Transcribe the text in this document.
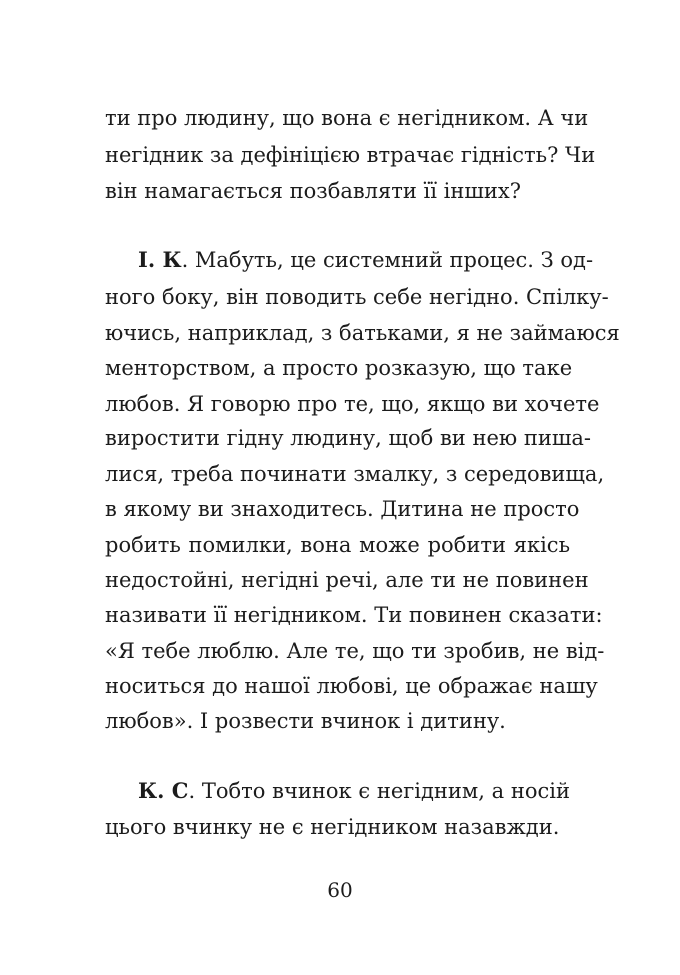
ти про людину, що вона є негідником. А чи
негідник за дефініцією втрачає гідність? Чи
він намагається позбавляти її інших?
І. К. Мабуть, це системний процес. З од-
ного боку, він поводить себе негідно. Спілку-
ючись, наприклад, з батьками, я не займаюся
менторством, а просто розказую, що таке
любов. Я говорю про те, що, якщо ви хочете
виростити гідну людину, щоб ви нею пиша-
лися, треба починати змалку, з середовища,
в якому ви знаходитесь. Дитина не просто
робить помилки, вона може робити якісь
недостойні, негідні речі, але ти не повинен
називати її негідником. Ти повинен сказати:
«Я тебе люблю. Але те, що ти зробив, не від-
носиться до нашої любові, це ображає нашу
любов». І розвести вчинок і дитину.
К. С. Тобто вчинок є негідним, а носій
цього вчинку не є негідником назавжди.
60
